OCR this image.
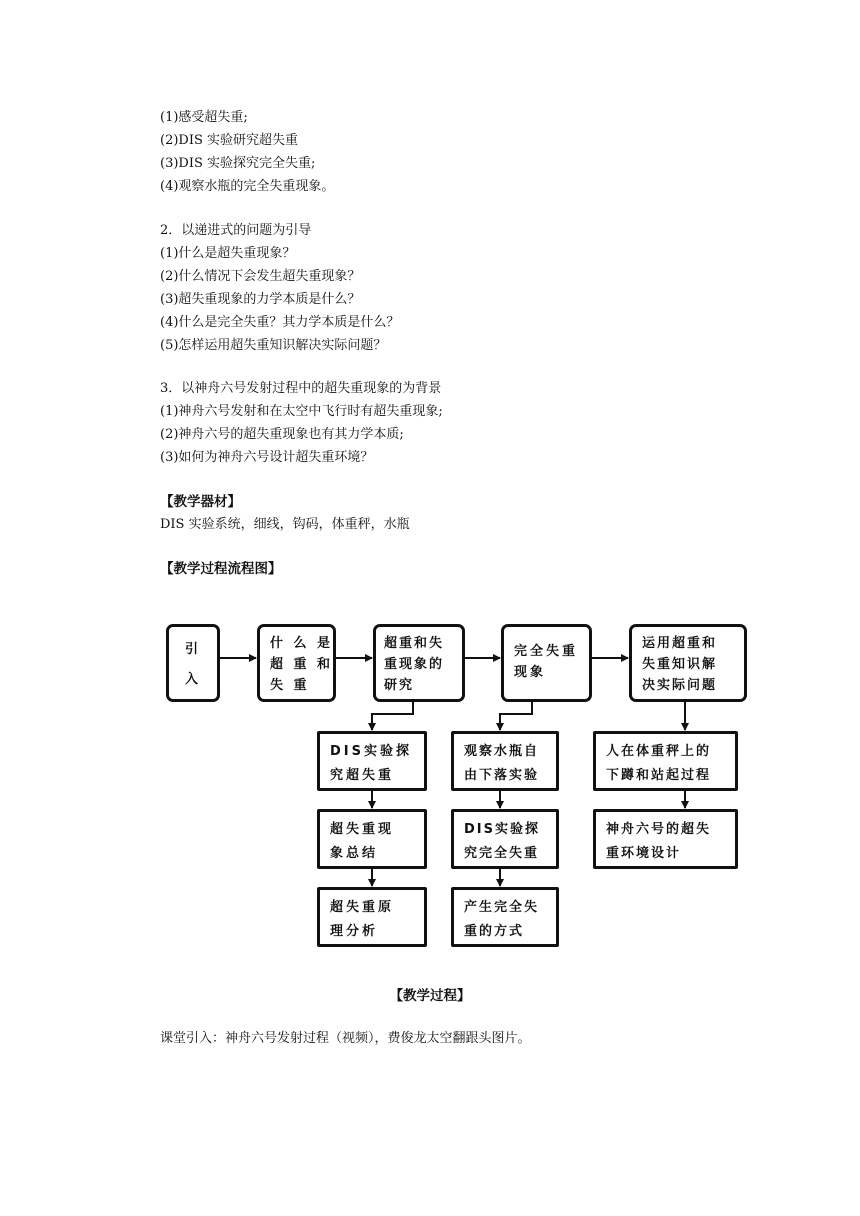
(1)感受超失重;
(2)DIS 实验研究超失重
(3)DIS 实验探究完全失重;
(4)观察水瓶的完全失重现象。
2．以递进式的问题为引导
(1)什么是超失重现象？
(2)什么情况下会发生超失重现象？
(3)超失重现象的力学本质是什么？
(4)什么是完全失重？其力学本质是什么？
(5)怎样运用超失重知识解决实际问题？
3．以神舟六号发射过程中的超失重现象的为背景
(1)神舟六号发射和在太空中飞行时有超失重现象;
(2)神舟六号的超失重现象也有其力学本质;
(3)如何为神舟六号设计超失重环境？
【教学器材】
DIS 实验系统，细线，钩码，体重秤，水瓶
【教学过程流程图】
引
入
什 么 是
超 重 和
失 重
超重和失
重现象的
研究
完全失重
现象
运用超重和
失重知识解
决实际问题
DIS实验探
究超失重
超失重现
象总结
超失重原
理分析
观察水瓶自
由下落实验
DIS实验探
究完全失重
产生完全失
重的方式
人在体重秤上的
下蹲和站起过程
神舟六号的超失
重环境设计
【教学过程】
课堂引入：神舟六号发射过程（视频），费俊龙太空翻跟头图片。
